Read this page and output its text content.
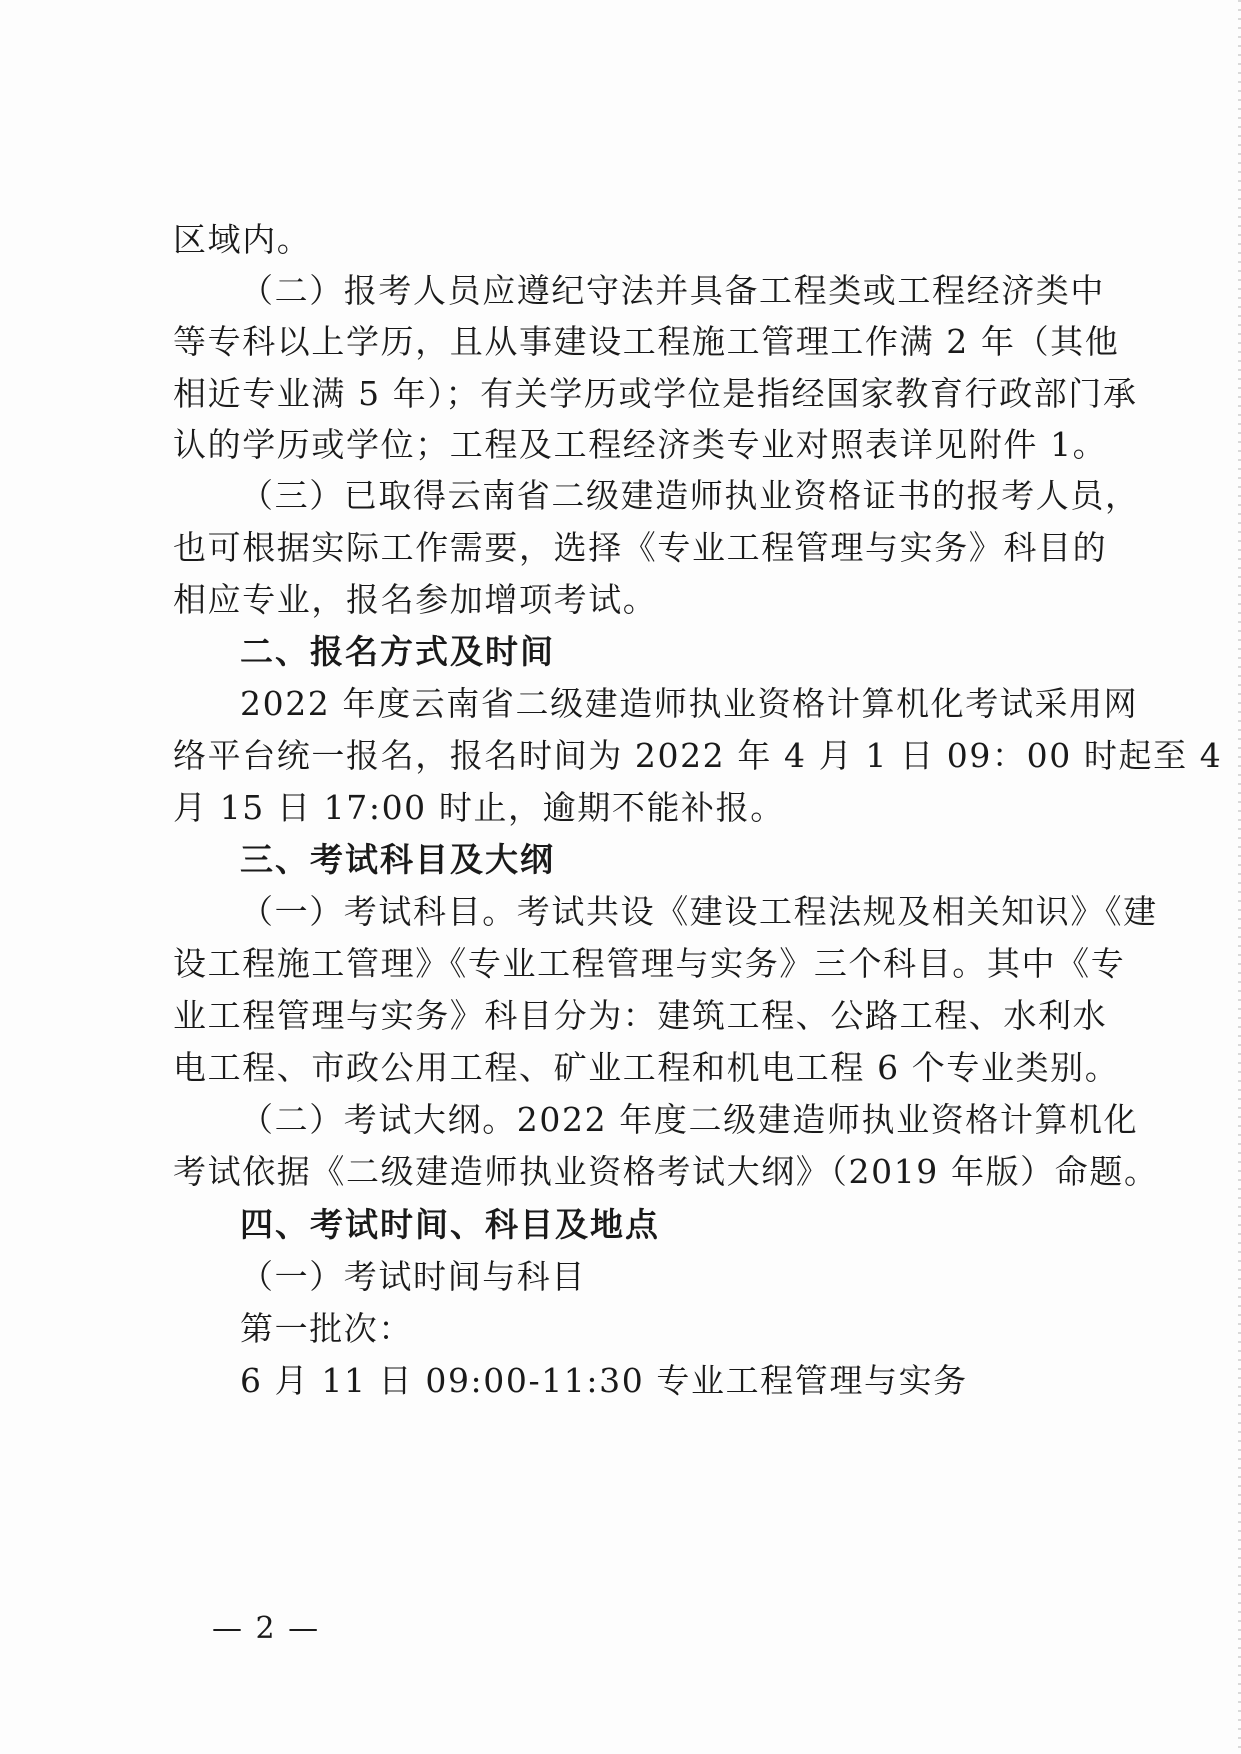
区域内。
（二）报考人员应遵纪守法并具备工程类或工程经济类中
等专科以上学历，且从事建设工程施工管理工作满 2 年（其他
相近专业满 5 年）；有关学历或学位是指经国家教育行政部门承
认的学历或学位；工程及工程经济类专业对照表详见附件 1。
（三）已取得云南省二级建造师执业资格证书的报考人员，
也可根据实际工作需要，选择《专业工程管理与实务》科目的
相应专业，报名参加增项考试。
二、报名方式及时间
2022 年度云南省二级建造师执业资格计算机化考试采用网
络平台统一报名，报名时间为 2022 年 4 月 1 日 09：00 时起至 4
月 15 日 17:00 时止，逾期不能补报。
三、考试科目及大纲
（一）考试科目。考试共设《建设工程法规及相关知识》《建
设工程施工管理》《专业工程管理与实务》三个科目。其中《专
业工程管理与实务》科目分为：建筑工程、公路工程、水利水
电工程、市政公用工程、矿业工程和机电工程 6 个专业类别。
（二）考试大纲。2022 年度二级建造师执业资格计算机化
考试依据《二级建造师执业资格考试大纲》（2019 年版）命题。
四、考试时间、科目及地点
（一）考试时间与科目
第一批次：
6 月 11 日 09:00-11:30 专业工程管理与实务
— 2 —
